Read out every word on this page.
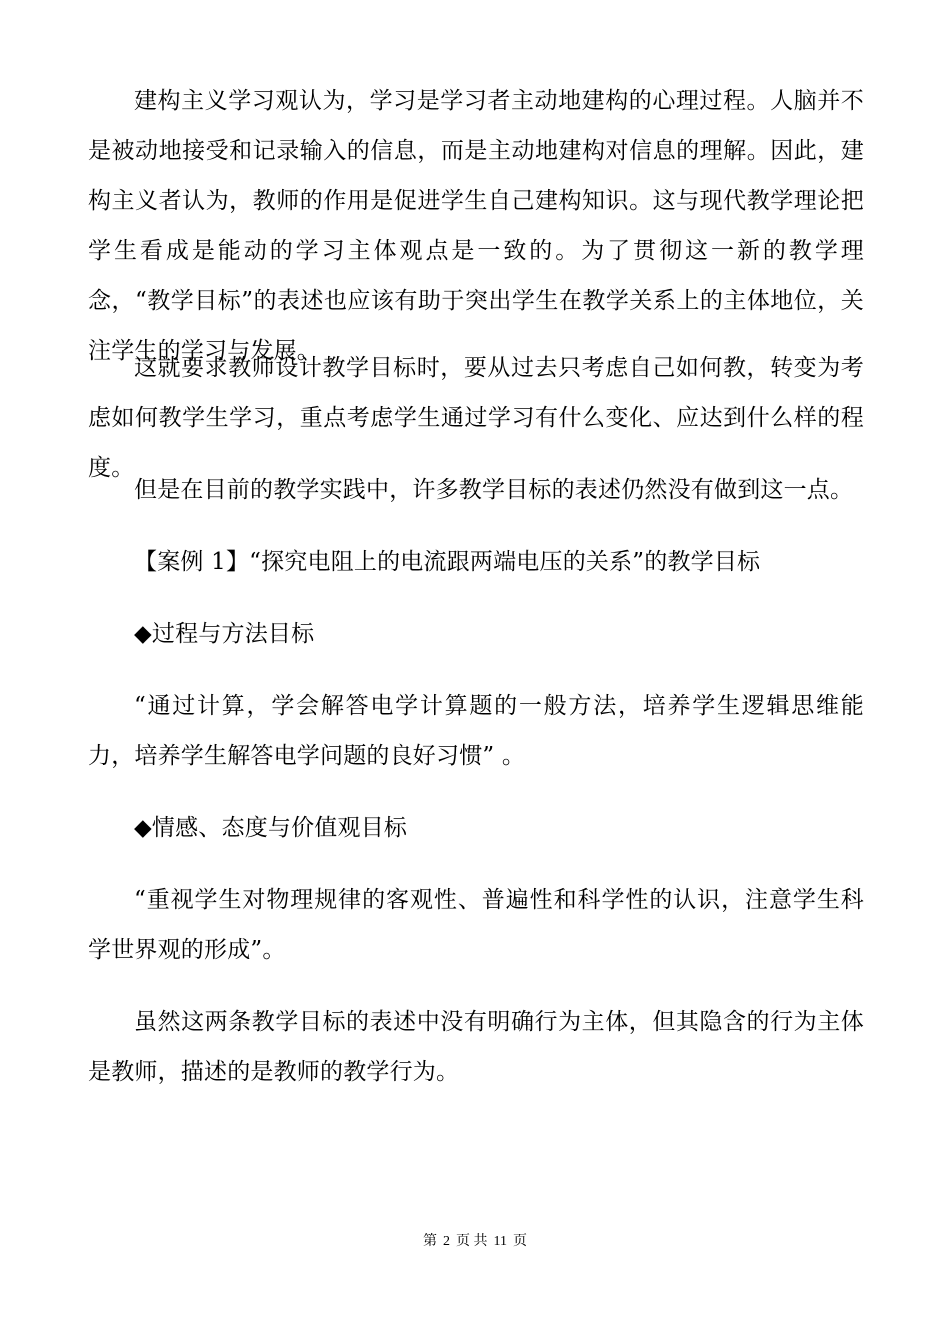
建构主义学习观认为，学习是学习者主动地建构的心理过程。人脑并不是被动地接受和记录输入的信息，而是主动地建构对信息的理解。因此，建构主义者认为，教师的作用是促进学生自己建构知识。这与现代教学理论把学生看成是能动的学习主体观点是一致的。为了贯彻这一新的教学理念，“教学目标”的表述也应该有助于突出学生在教学关系上的主体地位，关注学生的学习与发展。

这就要求教师设计教学目标时，要从过去只考虑自己如何教，转变为考虑如何教学生学习，重点考虑学生通过学习有什么变化、应达到什么样的程度。

但是在目前的教学实践中，许多教学目标的表述仍然没有做到这一点。

【案例 1】“探究电阻上的电流跟两端电压的关系”的教学目标

◆过程与方法目标

“通过计算，学会解答电学计算题的一般方法，培养学生逻辑思维能力，培养学生解答电学问题的良好习惯” 。

◆情感、态度与价值观目标

“重视学生对物理规律的客观性、普遍性和科学性的认识，注意学生科学世界观的形成”。

虽然这两条教学目标的表述中没有明确行为主体，但其隐含的行为主体是教师，描述的是教师的教学行为。

第 2 页 共 11 页
